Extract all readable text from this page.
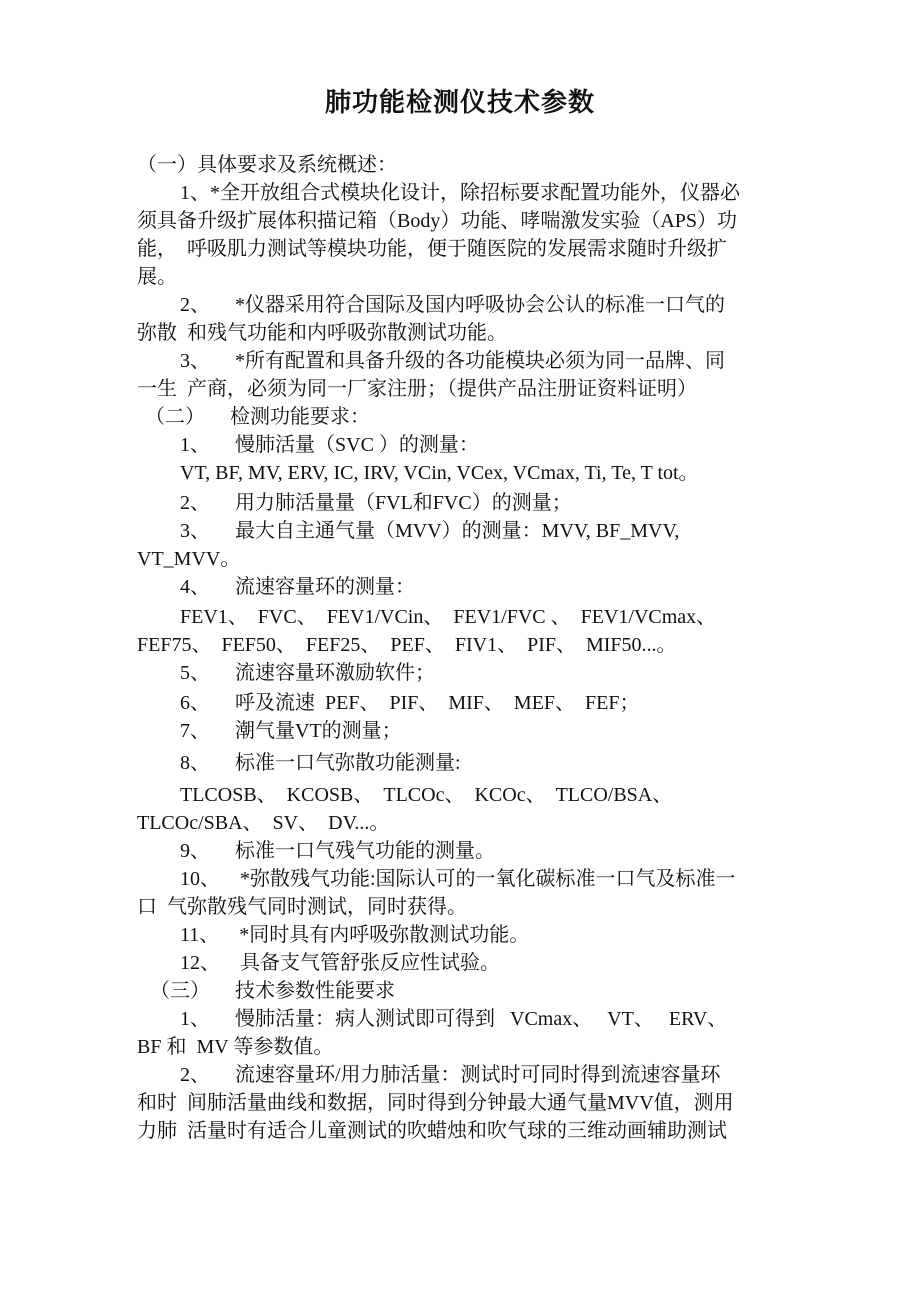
肺功能检测仪技术参数
（一）具体要求及系统概述：
1、*全开放组合式模块化设计，除招标要求配置功能外，仪器必
须具备升级扩展体积描记箱（Body）功能、哮喘激发实验（APS）功
能，  呼吸肌力测试等模块功能，便于随医院的发展需求随时升级扩
展。
2、     *仪器采用符合国际及国内呼吸协会公认的标准一口气的
弥散  和残气功能和内呼吸弥散测试功能。
3、     *所有配置和具备升级的各功能模块必须为同一品牌、同
一生  产商，必须为同一厂家注册；（提供产品注册证资料证明）
（二）     检测功能要求：
1、     慢肺活量（SVC ）的测量：
VT, BF, MV, ERV, IC, IRV, VCin, VCex, VCmax, Ti, Te, T tot。
2、     用力肺活量量（FVL和FVC）的测量；
3、     最大自主通气量（MVV）的测量：MVV, BF_MVV,
VT_MVV。
4、     流速容量环的测量：
FEV1、  FVC、  FEV1/VCin、  FEV1/FVC 、  FEV1/VCmax、
FEF75、  FEF50、  FEF25、  PEF、  FIV1、  PIF、  MIF50...。
5、     流速容量环激励软件；
6、     呼及流速  PEF、  PIF、  MIF、  MEF、  FEF；
7、     潮气量VT的测量；
8、     标准一口气弥散功能测量:
TLCOSB、  KCOSB、  TLCOc、  KCOc、  TLCO/BSA、
TLCOc/SBA、  SV、  DV...。
9、     标准一口气残气功能的测量。
10、    *弥散残气功能:国际认可的一氧化碳标准一口气及标准一
口  气弥散残气同时测试，同时获得。
11、    *同时具有内呼吸弥散测试功能。
12、    具备支气管舒张反应性试验。
（三）     技术参数性能要求
1、     慢肺活量：病人测试即可得到   VCmax、   VT、   ERV、
BF 和  MV 等参数值。
2、     流速容量环/用力肺活量：测试时可同时得到流速容量环
和时  间肺活量曲线和数据，同时得到分钟最大通气量MVV值，测用
力肺  活量时有适合儿童测试的吹蜡烛和吹气球的三维动画辅助测试
